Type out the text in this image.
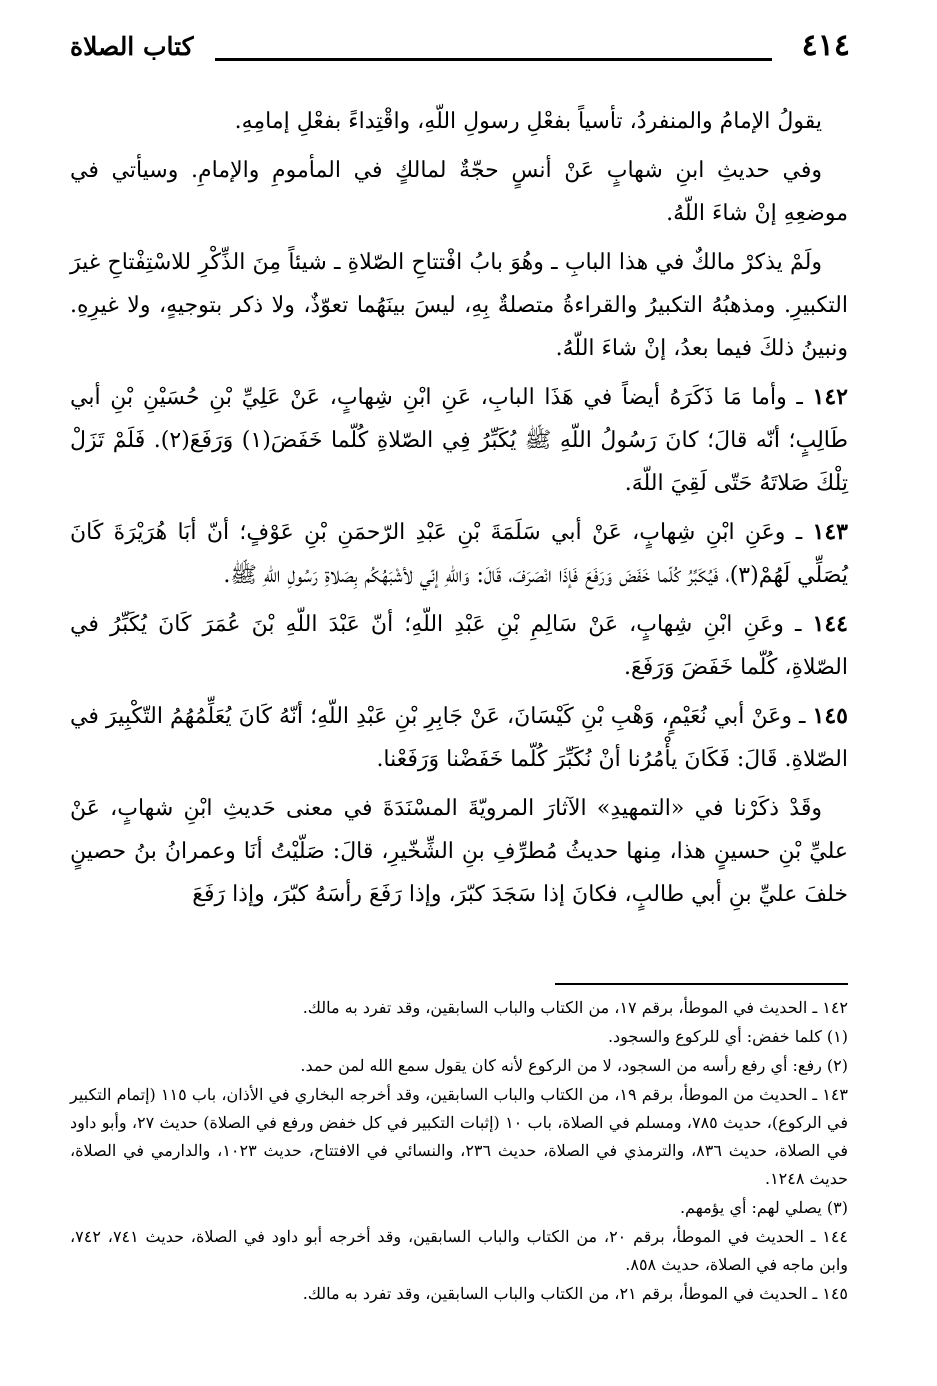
٤١٤
كتاب الصلاة

يقولُ الإمامُ والمنفردُ، تأسياً بفعْلِ رسولِ اللّهِ، واقْتِداءً بفعْلِ إمامِهِ.

وفي حديثِ ابنِ شهابٍ عَنْ أنسٍ حجّةٌ لمالكٍ في المأمومِ والإمامِ. وسيأتي في موضعِهِ إنْ شاءَ اللّهُ.

ولَمْ يذكرْ مالكٌ في هذا البابِ ـ وهُوَ بابُ افْتتاحِ الصّلاةِ ـ شيئاً مِنَ الذِّكْرِ للاسْتِفْتاحِ غيرَ التكبيرِ. ومذهبُهُ التكبيرُ والقراءةُ متصلةٌ بِهِ، ليسَ بينَهُما تعوّذٌ، ولا ذكر بتوجيهٍ، ولا غيرِهِ. ونبينُ ذلكَ فيما بعدُ، إنْ شاءَ اللّهُ.

١٤٢ ـ وأما مَا ذَكَرَهُ أيضاً في هَذَا البابِ، عَنِ ابْنِ شِهابٍ، عَنْ عَلِيِّ بْنِ حُسَيْنِ بْنِ أبي طَالِبٍ؛ أنّه قالَ؛ كانَ رَسُولُ اللّهِ ﷺ يُكَبِّرُ فِي الصّلاةِ كُلّما خَفَضَ(١) وَرَفَعَ(٢). فَلَمْ تَزَلْ تِلْكَ صَلاتَهُ حَتّى لَقِيَ اللّهَ.

١٤٣ ـ وعَنِ ابْنِ شِهابٍ، عَنْ أبي سَلَمَةَ بْنِ عَبْدِ الرّحمَنِ بْنِ عَوْفٍ؛ أنّ أبَا هُرَيْرَةَ كَانَ يُصَلِّي لَهُمْ(٣)، فَيُكَبِّرُ كُلّما خَفَضَ وَرَفَعَ فَإذَا انْصَرَفَ، قَالَ: وَاللّهِ إنّي لأشْبَهُكُم بِصَلاةِ رَسُولِ اللهِ ﷺ.

١٤٤ ـ وعَنِ ابْنِ شِهابٍ، عَنْ سَالِمِ بْنِ عَبْدِ اللّهِ؛ أنّ عَبْدَ اللّهِ بْنَ عُمَرَ كَانَ يُكَبِّرُ في الصّلاةِ، كُلّما خَفَضَ وَرَفَعَ.

١٤٥ ـ وعَنْ أبي نُعَيْمٍ، وَهْبِ بْنِ كَيْسَانَ، عَنْ جَابِرِ بْنِ عَبْدِ اللّهِ؛ أنّهُ كَانَ يُعَلِّمُهُمُ التّكْبِيرَ في الصّلاةِ. قَالَ: فَكَانَ يأْمُرُنا أنْ نُكَبِّرَ كُلّما خَفَضْنا وَرَفَعْنا.

وقَدْ ذكَرْنا في «التمهيدِ» الآثارَ المرويّةَ المسْنَدَةَ في معنى حَديثِ ابْنِ شهابٍ، عَنْ عليِّ بْنِ حسينٍ هذا، مِنها حديثُ مُطرِّفِ بنِ الشِّخّيرِ، قالَ: صَلّيْتُ أنَا وعمرانُ بنُ حصينٍ خلفَ عليِّ بنِ أبي طالبٍ، فكانَ إذا سَجَدَ كبّرَ، وإذا رَفَعَ رأسَهُ كبّرَ، وإذا رَفَعَ

١٤٢ ـ الحديث في الموطأ، برقم ١٧، من الكتاب والباب السابقين، وقد تفرد به مالك.

(١) كلما خفض: أي للركوع والسجود.

(٢) رفع: أي رفع رأسه من السجود، لا من الركوع لأنه كان يقول سمع الله لمن حمد.

١٤٣ ـ الحديث من الموطأ، برقم ١٩، من الكتاب والباب السابقين، وقد أخرجه البخاري في الأذان، باب ١١٥ (إتمام التكبير في الركوع)، حديث ٧٨٥، ومسلم في الصلاة، باب ١٠ (إثبات التكبير في كل خفض ورفع في الصلاة) حديث ٢٧، وأبو داود في الصلاة، حديث ٨٣٦، والترمذي في الصلاة، حديث ٢٣٦، والنسائي في الافتتاح، حديث ١٠٢٣، والدارمي في الصلاة، حديث ١٢٤٨.

(٣) يصلي لهم: أي يؤمهم.

١٤٤ ـ الحديث في الموطأ، برقم ٢٠، من الكتاب والباب السابقين، وقد أخرجه أبو داود في الصلاة، حديث ٧٤١، ٧٤٢، وابن ماجه في الصلاة، حديث ٨٥٨.

١٤٥ ـ الحديث في الموطأ، برقم ٢١، من الكتاب والباب السابقين، وقد تفرد به مالك.
